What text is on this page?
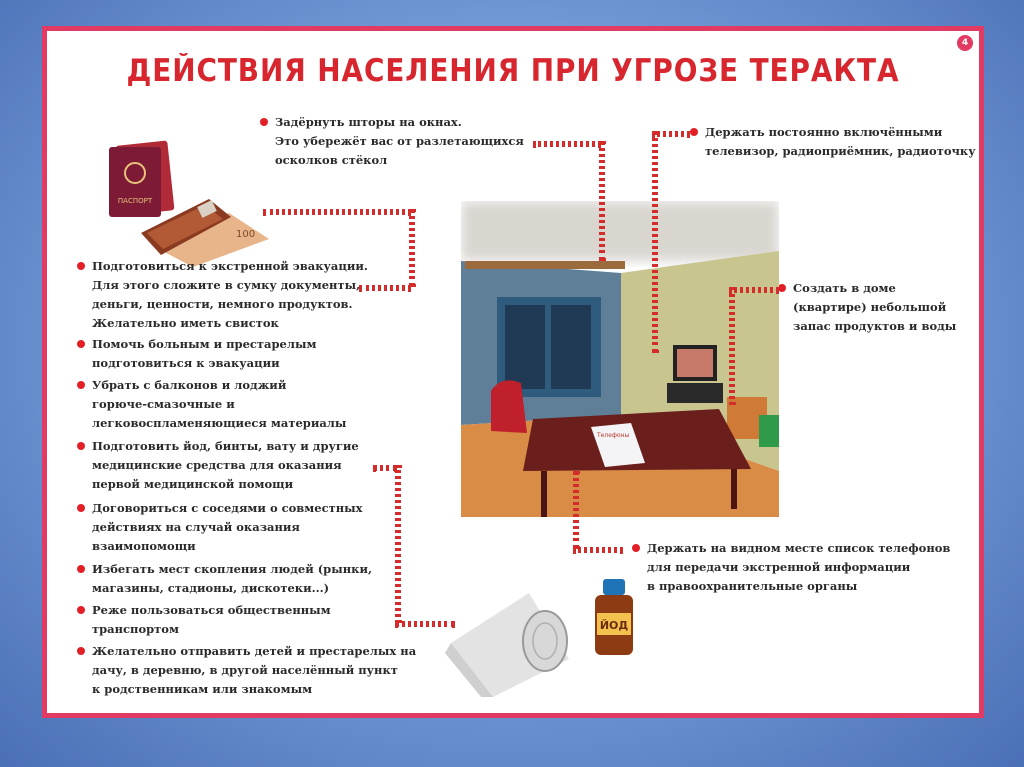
4
ДЕЙСТВИЯ НАСЕЛЕНИЯ ПРИ УГРОЗЕ ТЕРАКТА
ПАСПОРТ
100
Задёрнуть шторы на окнах.
Это убережёт вас от разлетающихся
осколков стёкол
Держать постоянно включёнными
телевизор, радиоприёмник, радиоточку
Создать в доме
(квартире) небольшой
запас продуктов и воды
Держать на видном месте список телефонов
для передачи экстренной информации
в правоохранительные органы
Подготовиться к экстренной эвакуации.
Для этого сложите в сумку документы,
деньги, ценности, немного продуктов.
Желательно иметь свисток
Помочь больным и престарелым
подготовиться к эвакуации
Убрать с балконов и лоджий
горюче-смазочные и
легковоспламеняющиеся материалы
Подготовить йод, бинты, вату и другие
медицинские средства для оказания
первой медицинской помощи
Договориться с соседями о совместных
действиях на случай оказания
взаимопомощи
Избегать мест скопления людей (рынки,
магазины, стадионы, дискотеки...)
Реже пользоваться общественным
транспортом
Желательно отправить детей и престарелых на
дачу, в деревню, в другой населённый пункт
к родственникам или знакомым
Телефоны
ЙОД
